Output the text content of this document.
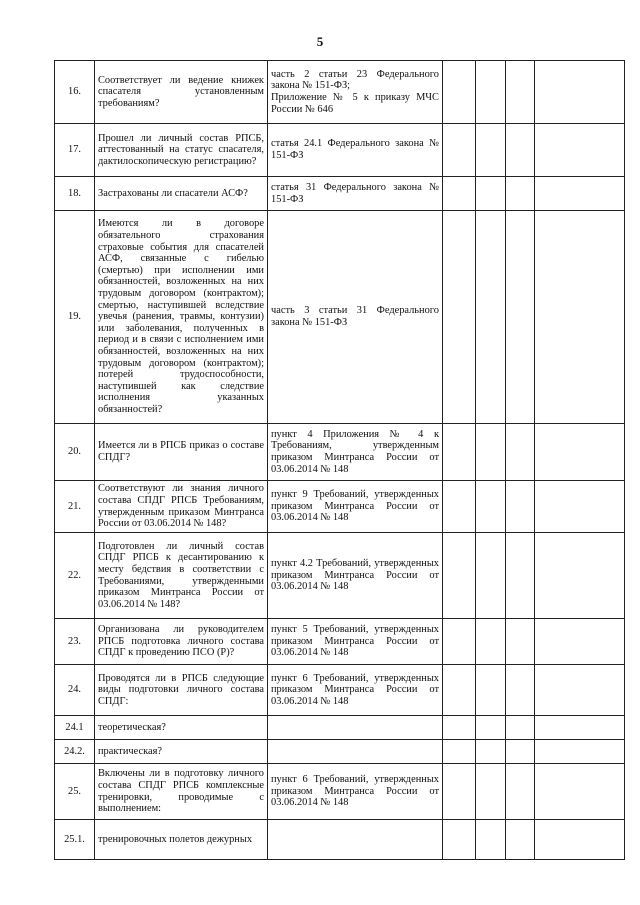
5
16.	Соответствует ли ведение книжек спасателя установленным требованиям?	часть 2 статьи 23 Федерального закона № 151-ФЗ;
Приложение № 5 к приказу МЧС России № 646				

17.	Прошел ли личный состав РПСБ, аттестованный на статус спасателя, дактилоскопическую регистрацию?	статья 24.1 Федерального закона № 151-ФЗ				

18.	Застрахованы ли спасатели АСФ?	статья 31 Федерального закона № 151-ФЗ				

19.	Имеются ли в договоре обязательного страхования страховые события для спасателей АСФ, связанные с гибелью (смертью) при исполнении ими обязанностей, возложенных на них трудовым договором (контрактом); смертью, наступившей вследствие увечья (ранения, травмы, контузии) или заболевания, полученных в период и в связи с исполнением ими обязанностей, возложенных на них трудовым договором (контрактом); потерей трудоспособности, наступившей как следствие исполнения указанных обязанностей?	часть 3 статьи 31 Федерального закона № 151-ФЗ				

20.	Имеется ли в РПСБ приказ о составе СПДГ?	пункт 4 Приложения № 4 к Требованиям, утвержденным приказом Минтранса России от 03.06.2014 № 148				

21.	Соответствуют ли знания личного состава СПДГ РПСБ Требованиям, утвержденным приказом Минтранса России от 03.06.2014 № 148?	пункт 9 Требований, утвержденных приказом Минтранса России от 03.06.2014 № 148				

22.	Подготовлен ли личный состав СПДГ РПСБ к десантированию к месту бедствия в соответствии с Требованиями, утвержденными приказом Минтранса России от 03.06.2014 № 148?	пункт 4.2 Требований, утвержденных приказом Минтранса России от 03.06.2014 № 148				

23.	Организована ли руководителем РПСБ подготовка личного состава СПДГ к проведению ПСО (Р)?	пункт 5 Требований, утвержденных приказом Минтранса России от 03.06.2014 № 148				

24.	Проводятся ли в РПСБ следующие виды подготовки личного состава СПДГ:	пункт 6 Требований, утвержденных приказом Минтранса России от 03.06.2014 № 148				

24.1	теоретическая?					
24.2.	практическая?					
25.	Включены ли в подготовку личного состава СПДГ РПСБ комплексные тренировки, проводимые с выполнением:	пункт 6 Требований, утвержденных приказом Минтранса России от 03.06.2014 № 148				

25.1.	тренировочных полетов дежурных					
